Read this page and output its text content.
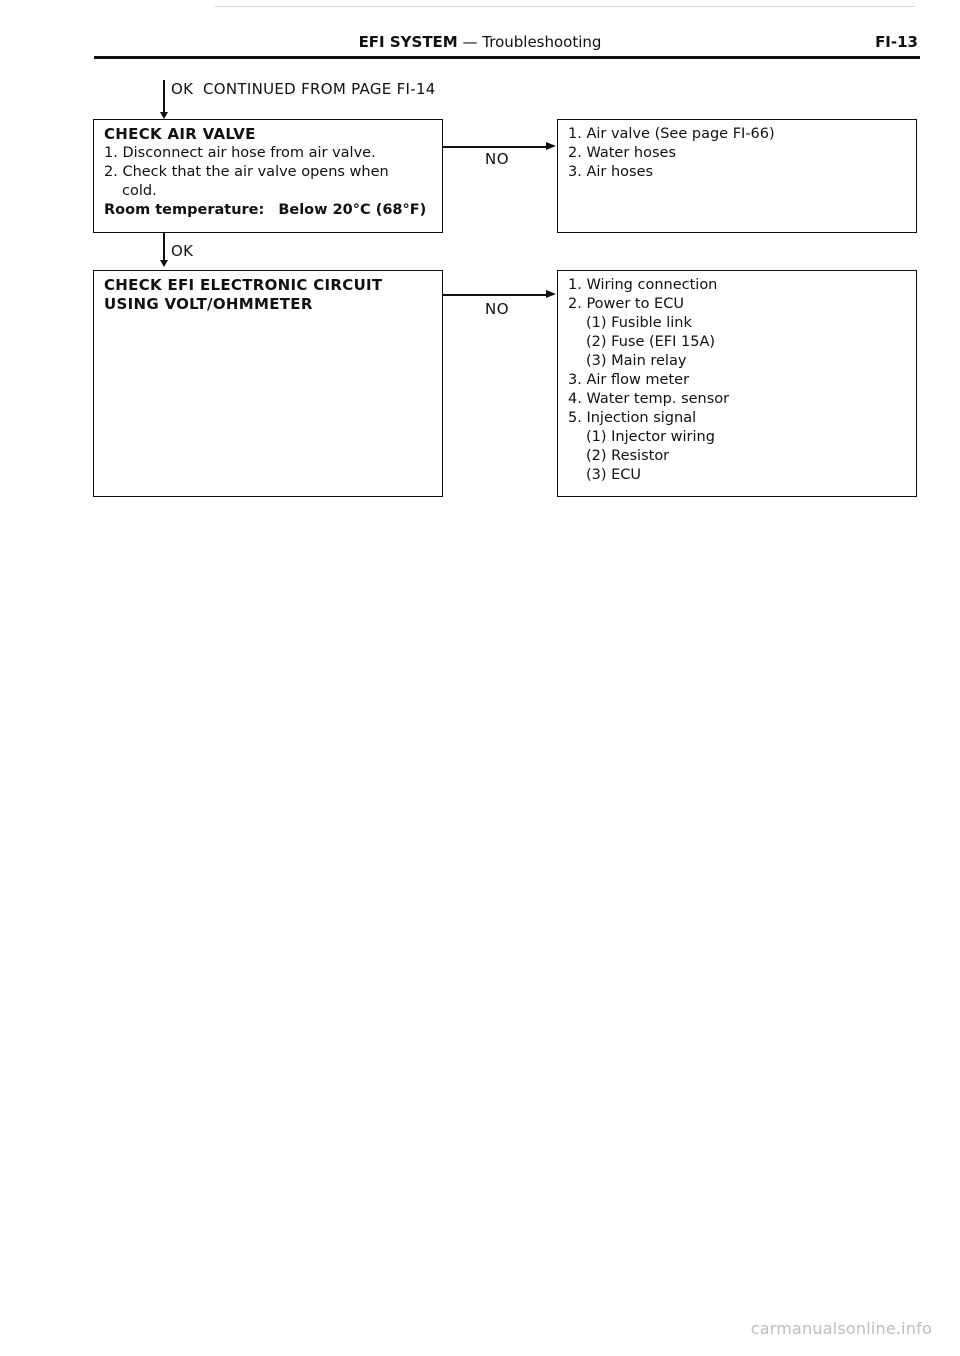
EFI SYSTEM — Troubleshooting	FI-13
OK CONTINUED FROM PAGE FI-14
CHECK AIR VALVE
1. Disconnect air hose from air valve.
2. Check that the air valve opens when
cold.
Room temperature: Below 20°C (68°F)
NO
1. Air valve (See page FI-66)
2. Water hoses
3. Air hoses
OK
CHECK EFI ELECTRONIC CIRCUIT
USING VOLT/OHMMETER	NO
1. Wiring connection
2. Power to ECU
(1) Fusible link
(2) Fuse (EFI 15A)
(3) Main relay
3. Air flow meter
4. Water temp. sensor
5. Injection signal
(1) Injector wiring
(2) Resistor
(3) ECU
carmanualsonline.info
